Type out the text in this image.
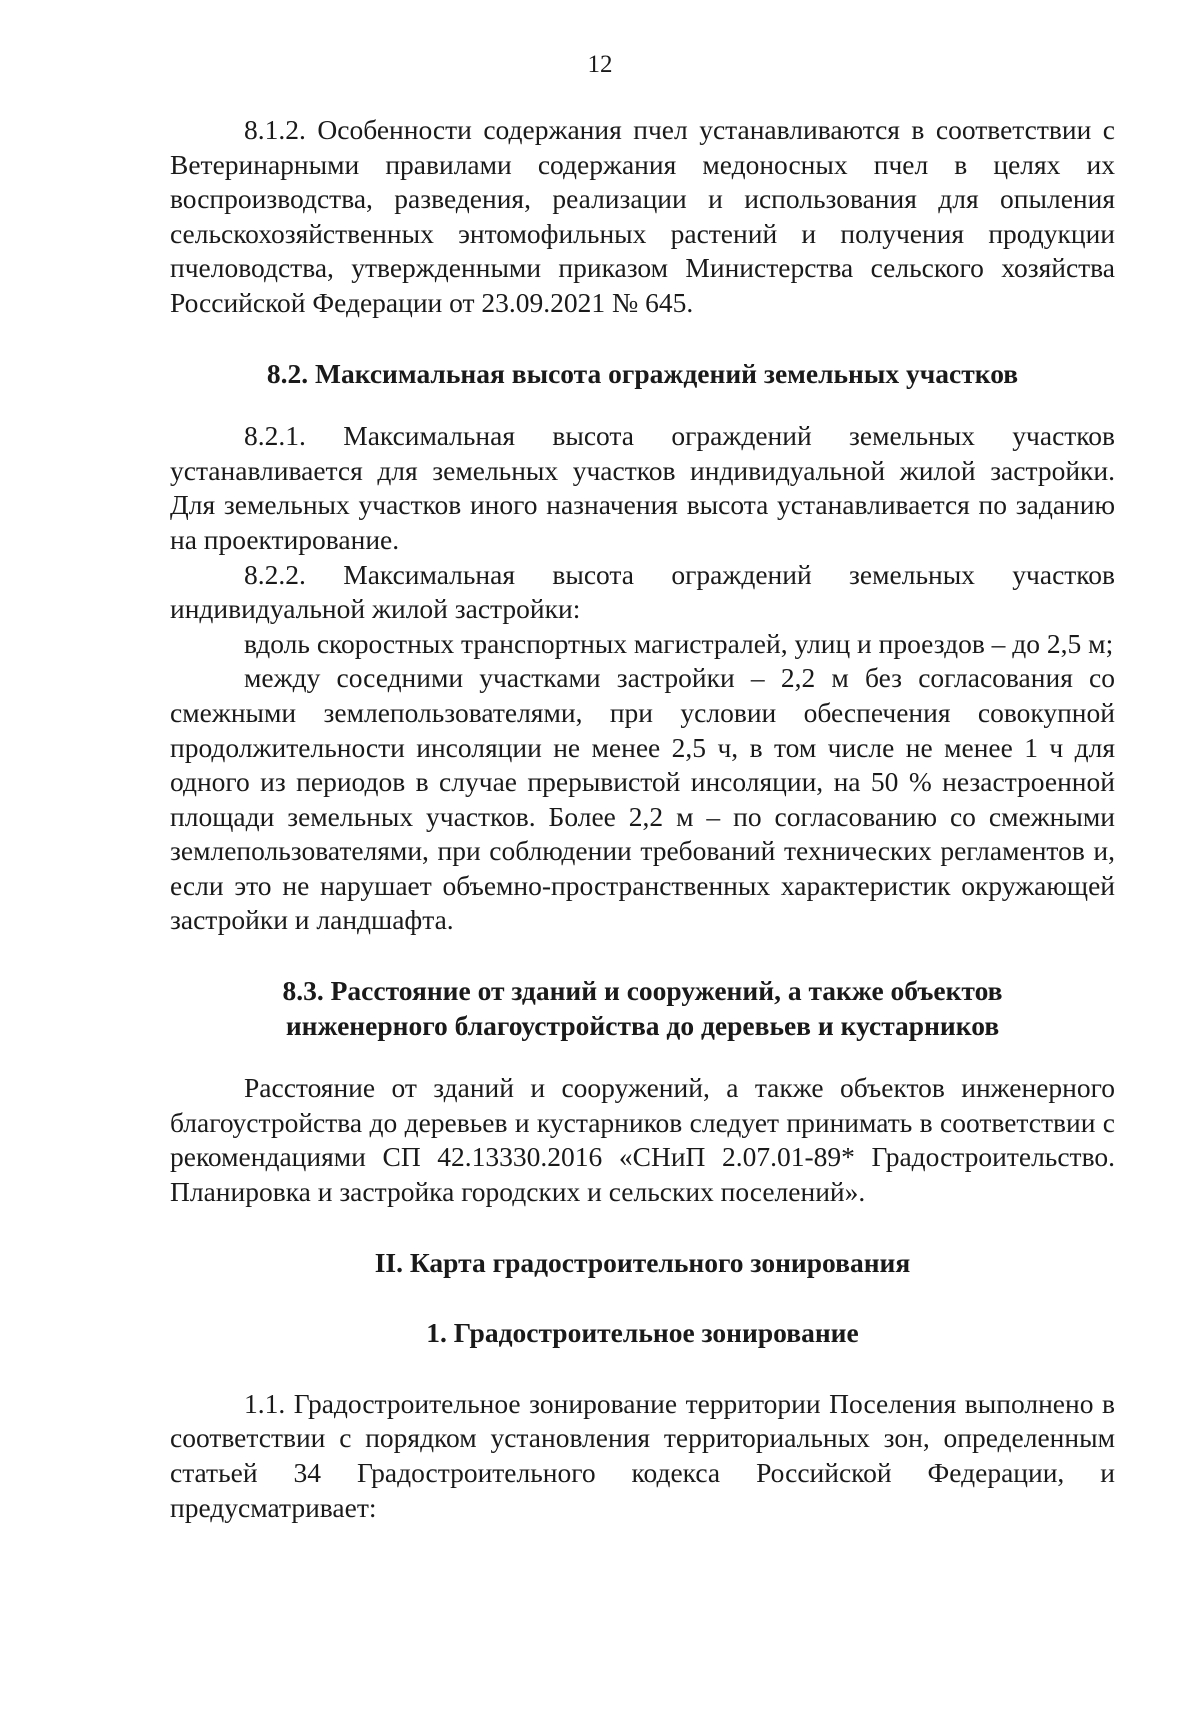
12

8.1.2. Особенности содержания пчел устанавливаются в соответствии с Ветеринарными правилами содержания медоносных пчел в целях их воспроизводства, разведения, реализации и использования для опыления сельскохозяйственных энтомофильных растений и получения продукции пчеловодства, утвержденными приказом Министерства сельского хозяйства Российской Федерации от 23.09.2021 № 645.

8.2. Максимальная высота ограждений земельных участков

8.2.1. Максимальная высота ограждений земельных участков устанавливается для земельных участков индивидуальной жилой застройки. Для земельных участков иного назначения высота устанавливается по заданию на проектирование.

8.2.2. Максимальная высота ограждений земельных участков индивидуальной жилой застройки:

вдоль скоростных транспортных магистралей, улиц и проездов – до 2,5 м;

между соседними участками застройки – 2,2 м без согласования со смежными землепользователями, при условии обеспечения совокупной продолжительности инсоляции не менее 2,5 ч, в том числе не менее 1 ч для одного из периодов в случае прерывистой инсоляции, на 50 % незастроенной площади земельных участков. Более 2,2 м – по согласованию со смежными землепользователями, при соблюдении требований технических регламентов и, если это не нарушает объемно-пространственных характеристик окружающей застройки и ландшафта.

8.3. Расстояние от зданий и сооружений, а также объектов

инженерного благоустройства до деревьев и кустарников

Расстояние от зданий и сооружений, а также объектов инженерного благоустройства до деревьев и кустарников следует принимать в соответствии с рекомендациями СП 42.13330.2016 «СНиП 2.07.01-89* Градостроительство. Планировка и застройка городских и сельских поселений».

II. Карта градостроительного зонирования

1. Градостроительное зонирование

1.1. Градостроительное зонирование территории Поселения выполнено в соответствии с порядком установления территориальных зон, определенным статьей 34 Градостроительного кодекса Российской Федерации, и предусматривает:
